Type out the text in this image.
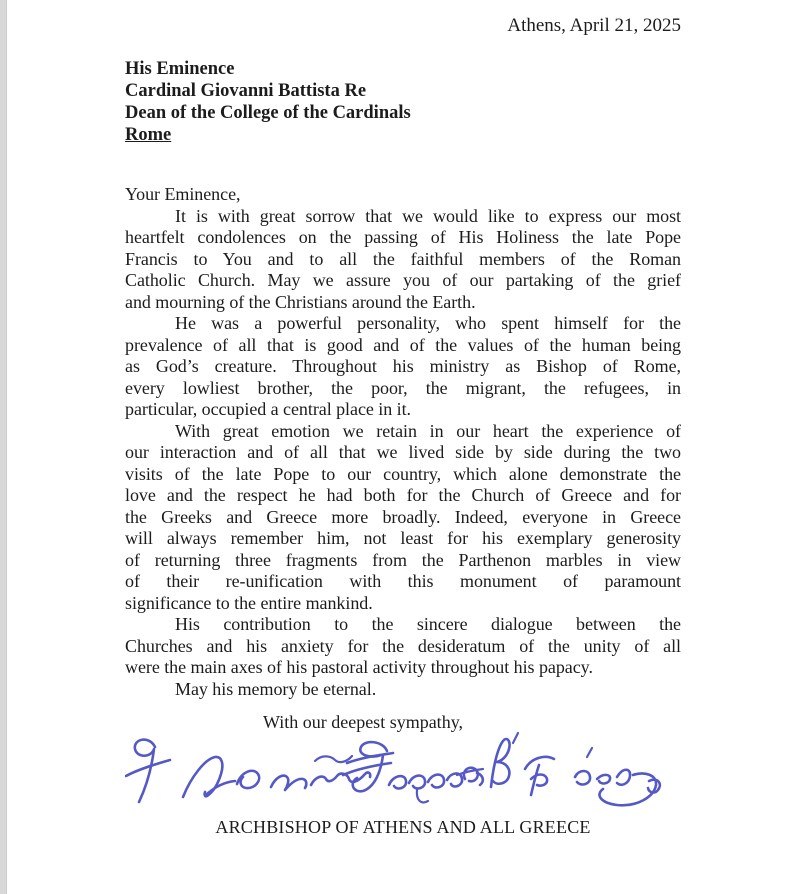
Athens, April 21, 2025
His Eminence
Cardinal Giovanni Battista Re
Dean of the College of the Cardinals
Rome
Your Eminence,
It is with great sorrow that we would like to express our most
heartfelt condolences on the passing of His Holiness the late Pope
Francis to You and to all the faithful members of the Roman
Catholic Church. May we assure you of our partaking of the grief
and mourning of the Christians around the Earth.
He was a powerful personality, who spent himself for the
prevalence of all that is good and of the values of the human being
as God’s creature. Throughout his ministry as Bishop of Rome,
every lowliest brother, the poor, the migrant, the refugees, in
particular, occupied a central place in it.
With great emotion we retain in our heart the experience of
our interaction and of all that we lived side by side during the two
visits of the late Pope to our country, which alone demonstrate the
love and the respect he had both for the Church of Greece and for
the Greeks and Greece more broadly. Indeed, everyone in Greece
will always remember him, not least for his exemplary generosity
of returning three fragments from the Parthenon marbles in view
of their re-unification with this monument of paramount
significance to the entire mankind.
His contribution to the sincere dialogue between the
Churches and his anxiety for the desideratum of the unity of all
were the main axes of his pastoral activity throughout his papacy.
May his memory be eternal.
With our deepest sympathy,
ARCHBISHOP OF ATHENS AND ALL GREECE
